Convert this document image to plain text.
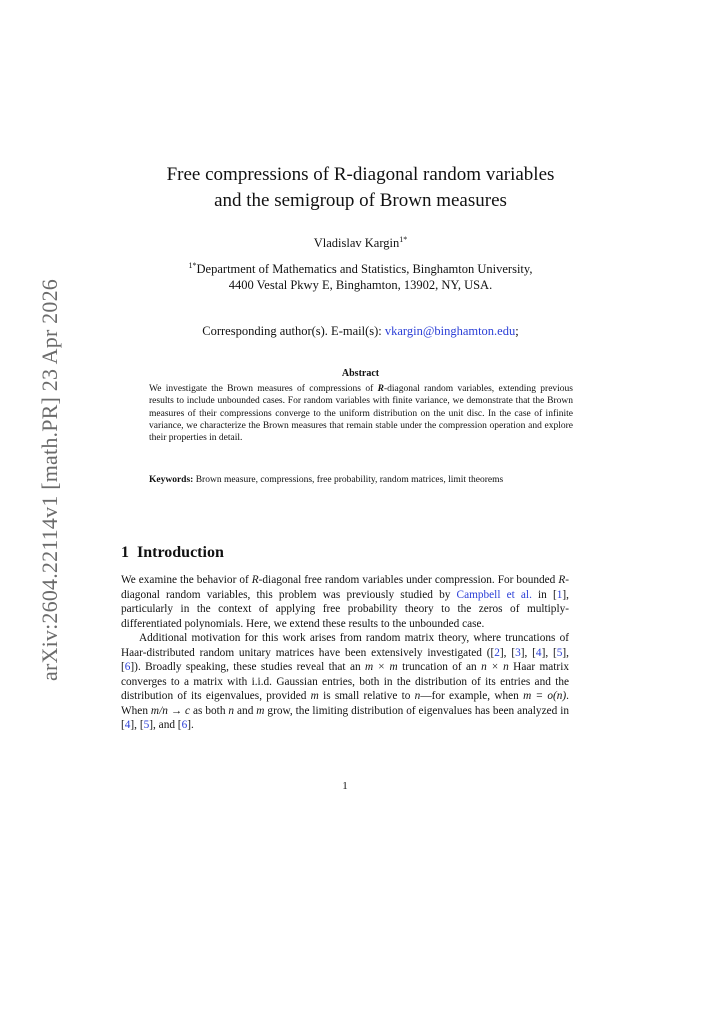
arXiv:2604.22114v1 [math.PR] 23 Apr 2026
Free compressions of R-diagonal random variables
and the semigroup of Brown measures
Vladislav Kargin$^{1*}$
$^{1*}$Department of Mathematics and Statistics, Binghamton University,
4400 Vestal Pkwy E, Binghamton, 13902, NY, USA.
Corresponding author(s). E-mail(s): vkargin@binghamton.edu;
Abstract
We investigate the Brown measures of compressions of R-diagonal random variables, extending previous results to include unbounded cases. For random variables with finite variance, we demonstrate that the Brown measures of their compressions converge to the uniform distribution on the unit disc. In the case of infinite variance, we characterize the Brown measures that remain stable under the compression operation and explore their properties in detail.
Keywords: Brown measure, compressions, free probability, random matrices, limit theorems
1 Introduction

We examine the behavior of R-diagonal free random variables under compression. For bounded R-diagonal random variables, this problem was previously studied by Campbell et al. in [1], particularly in the context of applying free probability theory to the zeros of multiply-differentiated polynomials. Here, we extend these results to the unbounded case.

Additional motivation for this work arises from random matrix theory, where truncations of Haar-distributed random unitary matrices have been extensively investigated ([2], [3], [4], [5], [6]). Broadly speaking, these studies reveal that an m × m truncation of an n × n Haar matrix converges to a matrix with i.i.d. Gaussian entries, both in the distribution of its entries and the distribution of its eigenvalues, provided m is small relative to n—for example, when m = o(n). When m/n → c as both n and m grow, the limiting distribution of eigenvalues has been analyzed in [4], [5], and [6].

1
